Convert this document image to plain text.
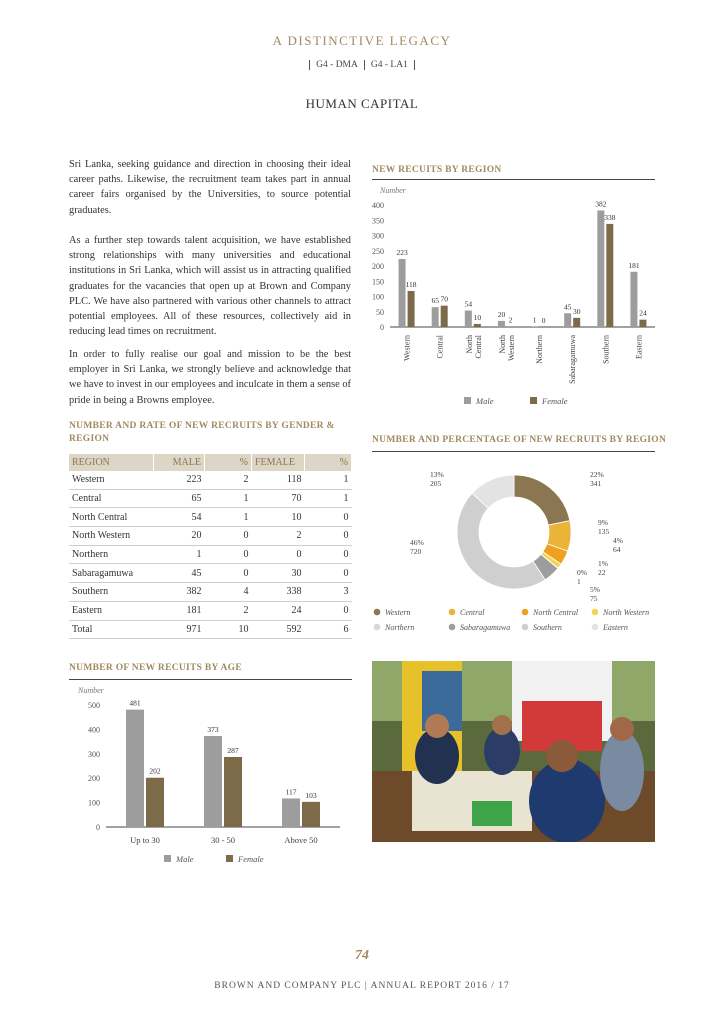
A DISTINCTIVE LEGACY
G4 - DMA G4 - LA1
HUMAN CAPITAL
Sri Lanka, seeking guidance and direction in choosing their ideal career paths. Likewise, the recruitment team takes part in annual career fairs organised by the Universities, to source potential graduates.
As a further step towards talent acquisition, we have established strong relationships with many universities and educational institutions in Sri Lanka, which will assist us in attracting qualified graduates for the vacancies that open up at Brown and Company PLC. We have also partnered with various other channels to attract potential employees. All of these resources, collectively aid in reducing lead times on recruitment.
In order to fully realise our goal and mission to be the best employer in Sri Lanka, we strongly believe and acknowledge that we have to invest in our employees and inculcate in them a sense of pride in being a Browns employee.
NUMBER AND RATE OF NEW RECRUITS BY GENDER & REGION
REGION	MALE	%	FEMALE	%
Western	223	2	118	1
Central	65	1	70	1
North Central	54	1	10	0
North Western	20	0	2	0
Northern	1	0	0	0
Sabaragamuwa	45	0	30	0
Southern	382	4	338	3
Eastern	181	2	24	0
Total	971	10	592	6
NEW RECUITS BY REGION
Number
0
50
100
150
200
250
300
350
400
223
118
Western
65 70
Central
54
10
NorthCentral
20
2
NorthWestern
1 0
Northern
45
30
Sabaragamuwa
382
338
Southern
181
24
Eastern
Male	Female
NUMBER AND PERCENTAGE OF NEW RECRUITS BY REGION
22%
341
9%
135
4%
64
1%
22
0%
1
5%
75
46%
720
13%
205
Western	Central	North Central	North Western
Northern	Sabaragamuwa	Southern	Eastern
NUMBER OF NEW RECUITS BY AGE
Number
0
100
200
300
400
500	481
202
Up to 30
373
287
30 - 50
117 103
Above 50
Male	Female
74
BROWN AND COMPANY PLC | ANNUAL REPORT 2016 / 17
